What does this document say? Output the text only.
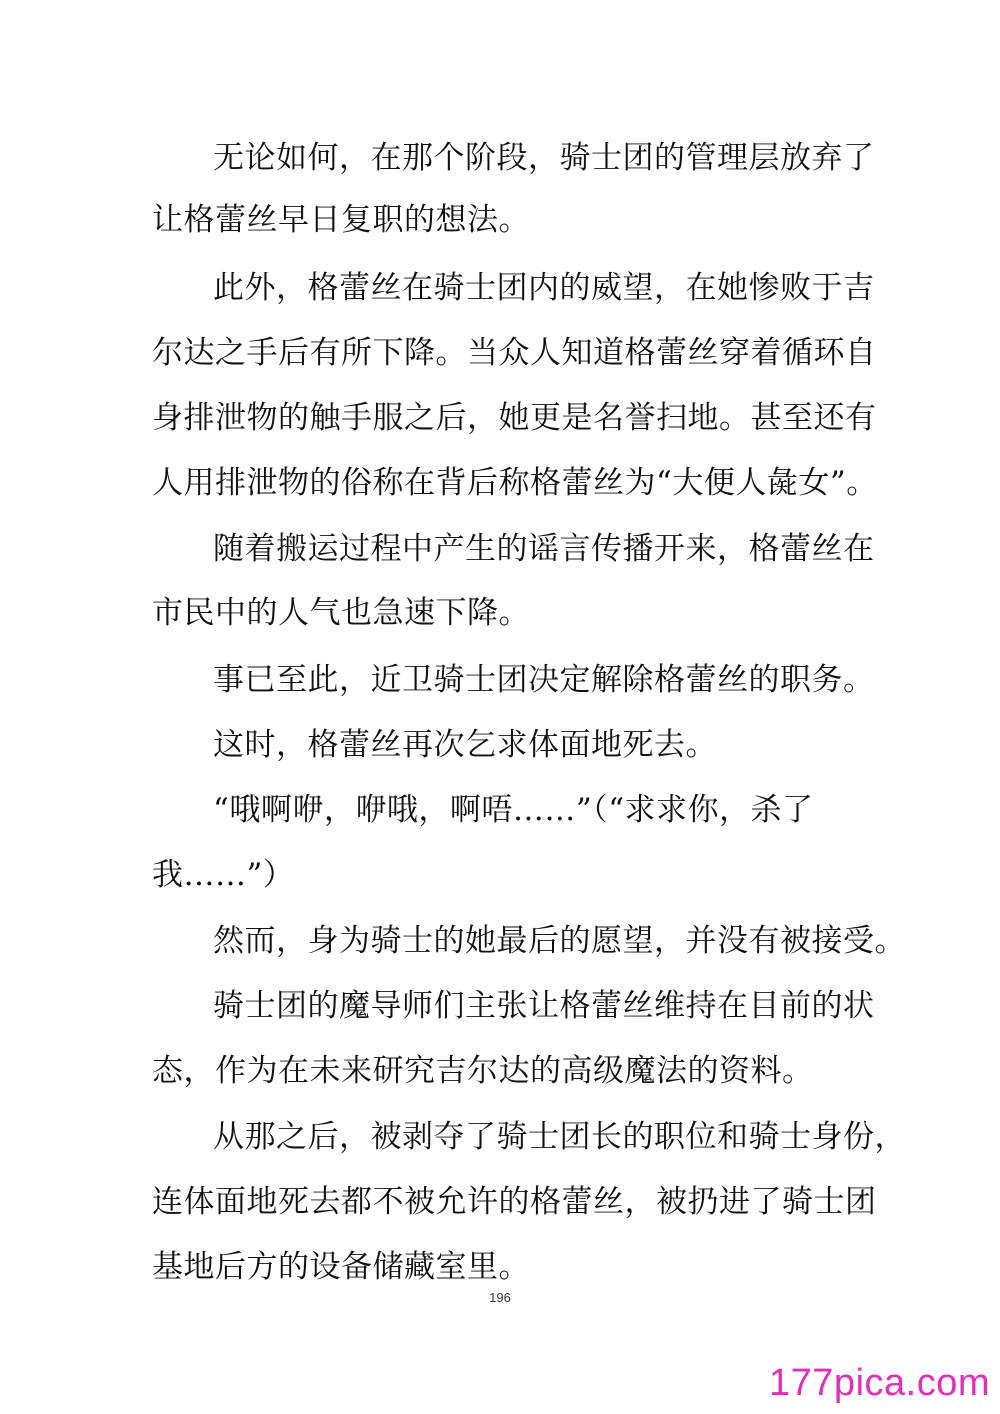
无论如何，在那个阶段，骑士团的管理层放弃了
让格蕾丝早日复职的想法。
此外，格蕾丝在骑士团内的威望，在她惨败于吉
尔达之手后有所下降。当众人知道格蕾丝穿着循环自
身排泄物的触手服之后，她更是名誉扫地。甚至还有
人用排泄物的俗称在背后称格蕾丝为“大便人彘女”。
随着搬运过程中产生的谣言传播开来，格蕾丝在
市民中的人气也急速下降。
事已至此，近卫骑士团决定解除格蕾丝的职务。
这时，格蕾丝再次乞求体面地死去。
“哦啊咿，咿哦，啊唔……”（“求求你，杀了
我……”）
然而，身为骑士的她最后的愿望，并没有被接受。
骑士团的魔导师们主张让格蕾丝维持在目前的状
态，作为在未来研究吉尔达的高级魔法的资料。
从那之后，被剥夺了骑士团长的职位和骑士身份，
连体面地死去都不被允许的格蕾丝，被扔进了骑士团
基地后方的设备储藏室里。
196
177pica.com
